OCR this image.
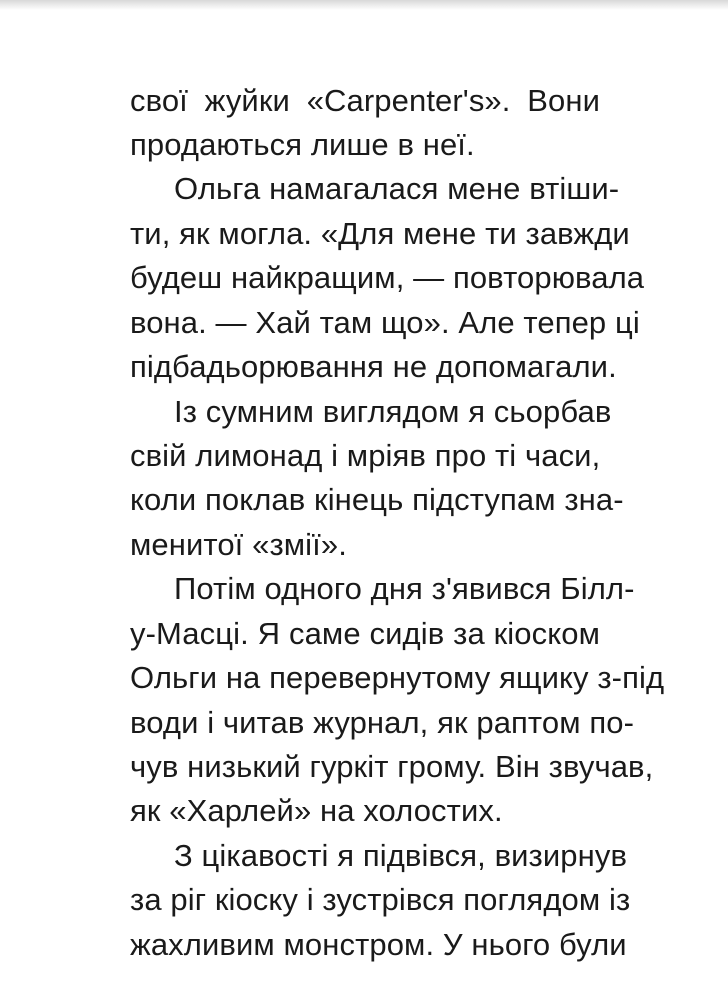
своï жуйки «Carpenter's». Вони
продаються лише в неї.
Ольга намагалася мене втіши-
ти, як могла. «Для мене ти завжди
будеш найкращим, — повторювала
вона. — Хай там що». Але тепер ці
підбадьорювання не допомагали.
Із сумним виглядом я сьорбав
свій лимонад і мріяв про ті часи,
коли поклав кінець підступам зна-
менитої «змії».
Потім одного дня з'явився Білл-
у-Масці. Я саме сидів за кіоском
Ольги на перевернутому ящику з-під
води і читав журнал, як раптом по-
чув низький гуркіт грому. Він звучав,
як «Харлей» на холостих.
З цікавості я підвівся, визирнув
за ріг кіоску і зустрівся поглядом із
жахливим монстром. У нього були
